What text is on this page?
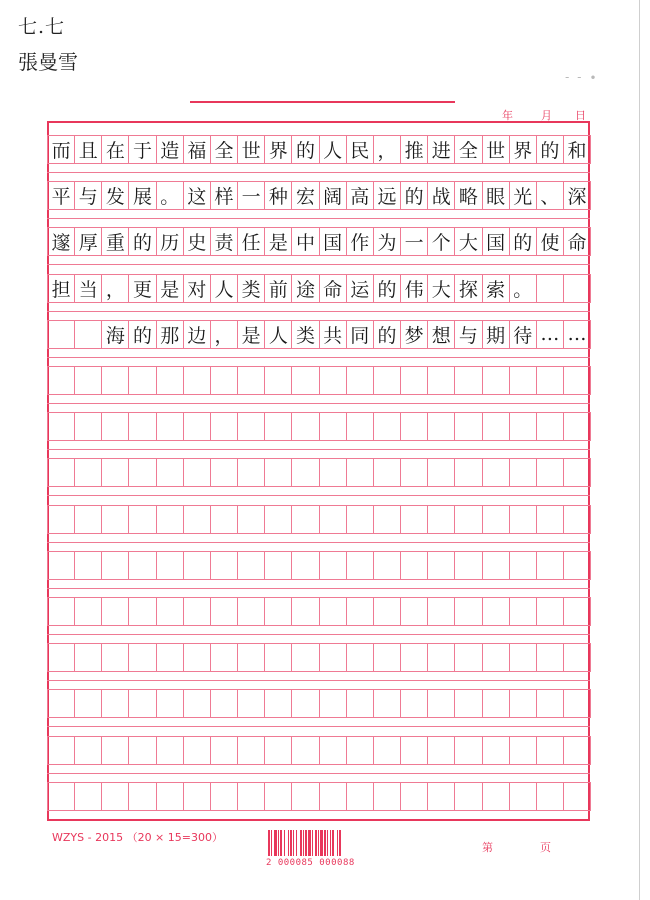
七.七
張曼雪
- - ∙
年	月 日
而 且 在 于 造 福 全 世 界 的 人 民 ， 推 进 全 世 界 的 和
平 与 发 展 。 这 样 一 种 宏 阔 高 远 的 战 略 眼 光 、 深
邃 厚 重 的 历 史 责 任 是 中 国 作 为 一 个 大 国 的 使 命
担 当 ， 更 是 对 人 类 前 途 命 运 的 伟 大 探 索 。

海 的 那 边 ， 是 人 类 共 同 的 梦 想 与 期 待 … …
WZYS - 2015 （20 × 15=300）
2 000085 000088
第	页
